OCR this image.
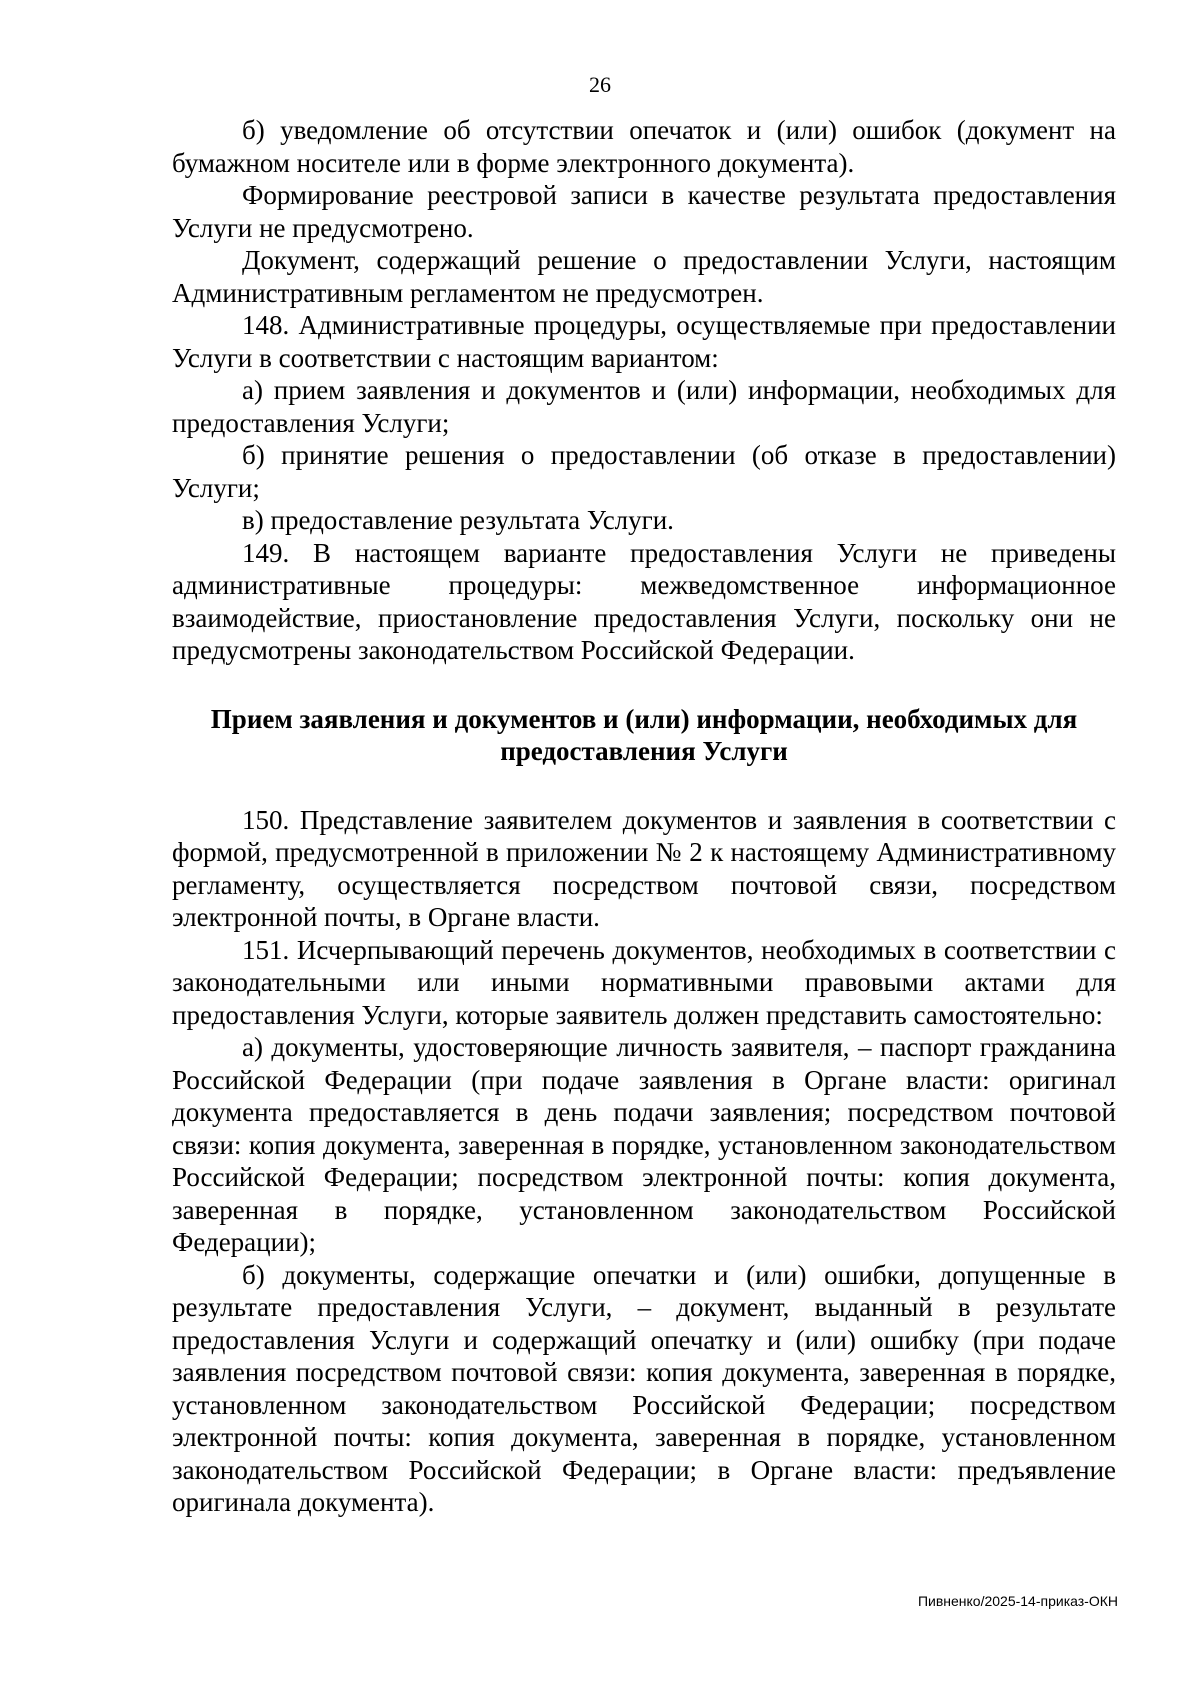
26

б) уведомление об отсутствии опечаток и (или) ошибок (документ на бумажном носителе или в форме электронного документа).

Формирование реестровой записи в качестве результата предоставления Услуги не предусмотрено.

Документ, содержащий решение о предоставлении Услуги, настоящим Административным регламентом не предусмотрен.

148. Административные процедуры, осуществляемые при предоставлении Услуги в соответствии с настоящим вариантом:

а) прием заявления и документов и (или) информации, необходимых для предоставления Услуги;

б) принятие решения о предоставлении (об отказе в предоставлении) Услуги;

в) предоставление результата Услуги.

149. В настоящем варианте предоставления Услуги не приведены административные процедуры: межведомственное информационное взаимодействие, приостановление предоставления Услуги, поскольку они не предусмотрены законодательством Российской Федерации.

Прием заявления и документов и (или) информации, необходимых для
предоставления Услуги

150. Представление заявителем документов и заявления в соответствии с формой, предусмотренной в приложении № 2 к настоящему Административному регламенту, осуществляется посредством почтовой связи, посредством электронной почты, в Органе власти.

151. Исчерпывающий перечень документов, необходимых в соответствии с законодательными или иными нормативными правовыми актами для предоставления Услуги, которые заявитель должен представить самостоятельно:

а) документы, удостоверяющие личность заявителя, – паспорт гражданина Российской Федерации (при подаче заявления в Органе власти: оригинал документа предоставляется в день подачи заявления; посредством почтовой связи: копия документа, заверенная в порядке, установленном законодательством Российской Федерации; посредством электронной почты: копия документа, заверенная в порядке, установленном законодательством Российской Федерации);

б) документы, содержащие опечатки и (или) ошибки, допущенные в результате предоставления Услуги, – документ, выданный в результате предоставления Услуги и содержащий опечатку и (или) ошибку (при подаче заявления посредством почтовой связи: копия документа, заверенная в порядке, установленном законодательством Российской Федерации; посредством электронной почты: копия документа, заверенная в порядке, установленном законодательством Российской Федерации; в Органе власти: предъявление оригинала документа).

Пивненко/2025-14-приказ-ОКН
